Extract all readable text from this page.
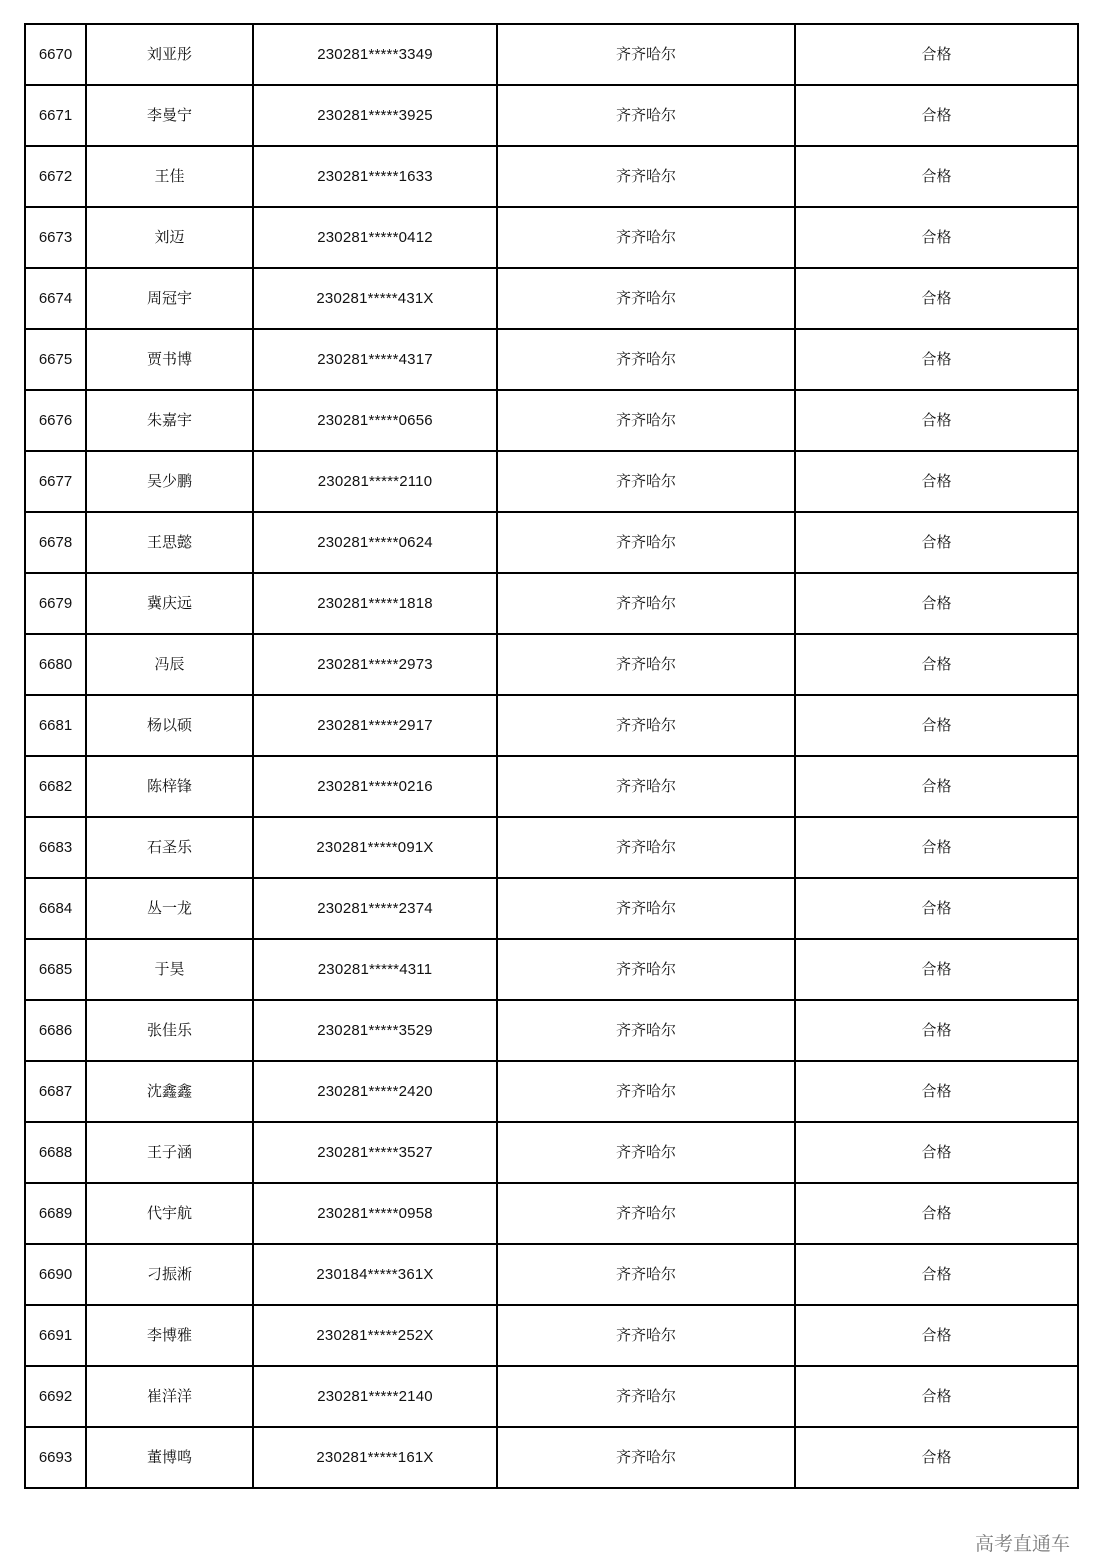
6670	刘亚彤	230281*****3349	齐齐哈尔	合格
6671	李曼宁	230281*****3925	齐齐哈尔	合格
6672	王佳	230281*****1633	齐齐哈尔	合格
6673	刘迈	230281*****0412	齐齐哈尔	合格
6674	周冠宇	230281*****431X	齐齐哈尔	合格
6675	贾书博	230281*****4317	齐齐哈尔	合格
6676	朱嘉宇	230281*****0656	齐齐哈尔	合格
6677	吴少鹏	230281*****2110	齐齐哈尔	合格
6678	王思懿	230281*****0624	齐齐哈尔	合格
6679	冀庆远	230281*****1818	齐齐哈尔	合格
6680	冯辰	230281*****2973	齐齐哈尔	合格
6681	杨以硕	230281*****2917	齐齐哈尔	合格
6682	陈梓锋	230281*****0216	齐齐哈尔	合格
6683	石圣乐	230281*****091X	齐齐哈尔	合格
6684	丛一龙	230281*****2374	齐齐哈尔	合格
6685	于昊	230281*****4311	齐齐哈尔	合格
6686	张佳乐	230281*****3529	齐齐哈尔	合格
6687	沈鑫鑫	230281*****2420	齐齐哈尔	合格
6688	王子涵	230281*****3527	齐齐哈尔	合格
6689	代宇航	230281*****0958	齐齐哈尔	合格
6690	刁振淅	230184*****361X	齐齐哈尔	合格
6691	李博雅	230281*****252X	齐齐哈尔	合格
6692	崔洋洋	230281*****2140	齐齐哈尔	合格
6693	董博鸣	230281*****161X	齐齐哈尔	合格
高考直通车
